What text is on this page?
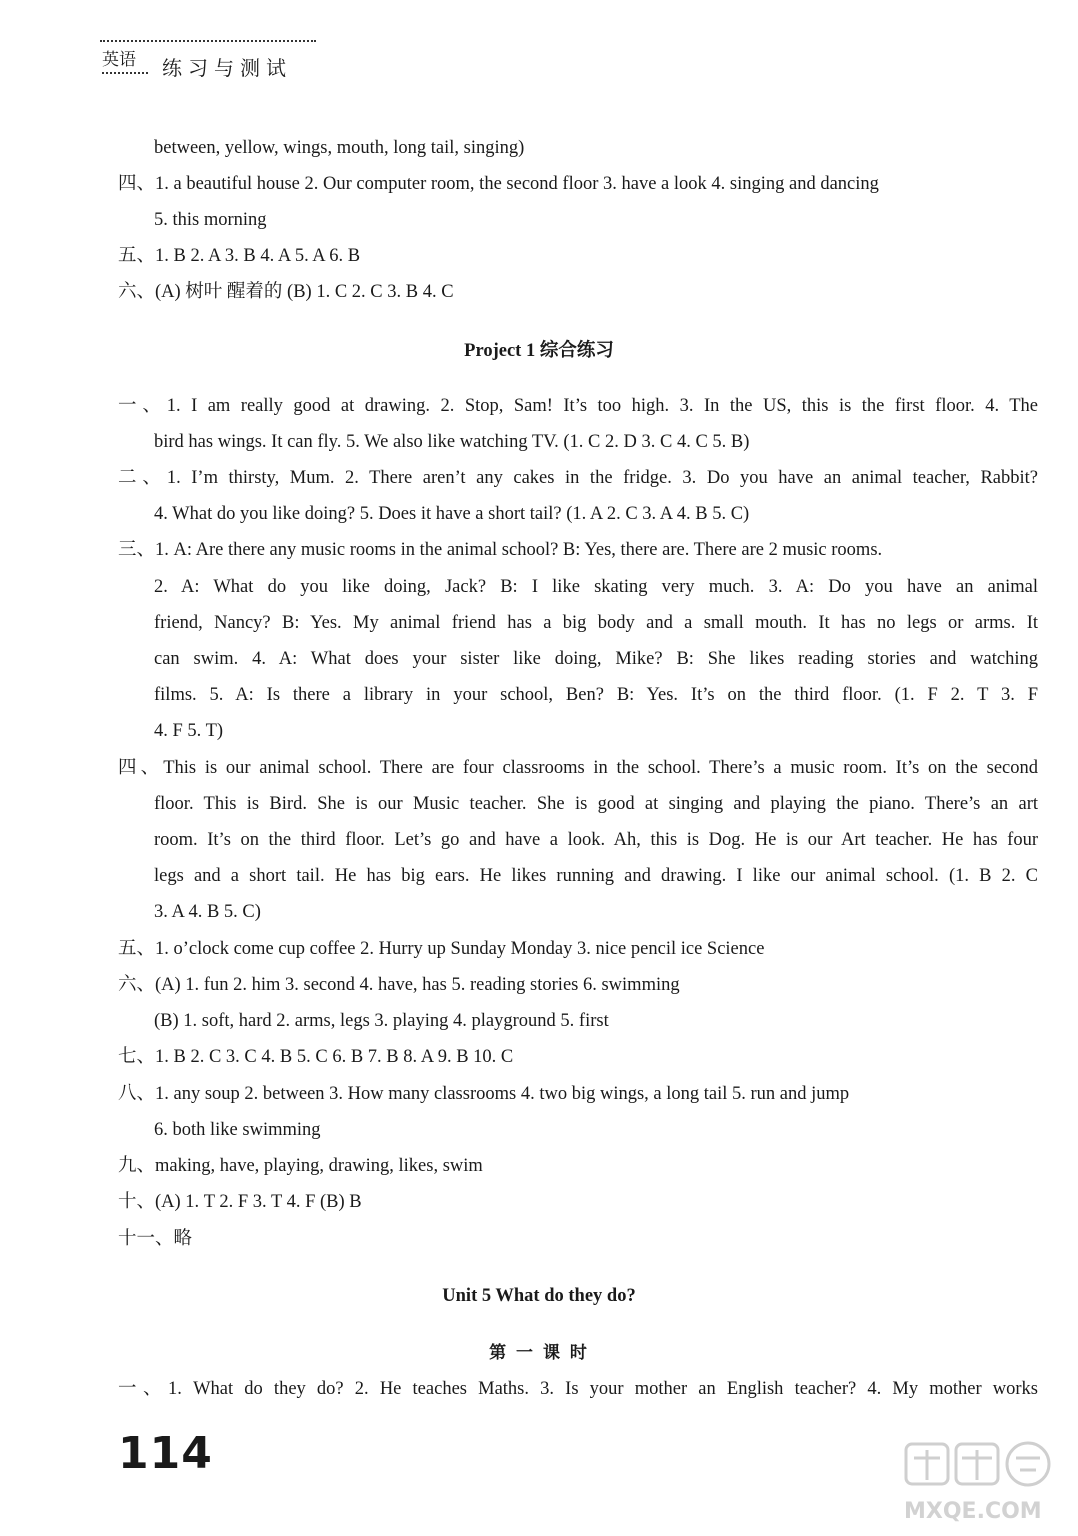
英语	练习与测试
between, yellow, wings, mouth, long tail, singing)
四、1. a beautiful house 2. Our computer room, the second floor 3. have a look 4. singing and dancing
5. this morning
五、1. B 2. A 3. B 4. A 5. A 6. B
六、(A) 树叶 醒着的 (B) 1. C 2. C 3. B 4. C
Project 1 综合练习
一、1. I am really good at drawing. 2. Stop, Sam! It’s too high. 3. In the US, this is the first floor. 4. The
bird has wings. It can fly. 5. We also like watching TV. (1. C 2. D 3. C 4. C 5. B)
二、1. I’m thirsty, Mum. 2. There aren’t any cakes in the fridge. 3. Do you have an animal teacher, Rabbit?
4. What do you like doing? 5. Does it have a short tail? (1. A 2. C 3. A 4. B 5. C)
三、1. A: Are there any music rooms in the animal school? B: Yes, there are. There are 2 music rooms.
2. A: What do you like doing, Jack? B: I like skating very much. 3. A: Do you have an animal
friend, Nancy? B: Yes. My animal friend has a big body and a small mouth. It has no legs or arms. It
can swim. 4. A: What does your sister like doing, Mike? B: She likes reading stories and watching
films. 5. A: Is there a library in your school, Ben? B: Yes. It’s on the third floor. (1. F 2. T 3. F
4. F 5. T)
四、This is our animal school. There are four classrooms in the school. There’s a music room. It’s on the second
floor. This is Bird. She is our Music teacher. She is good at singing and playing the piano. There’s an art
room. It’s on the third floor. Let’s go and have a look. Ah, this is Dog. He is our Art teacher. He has four
legs and a short tail. He has big ears. He likes running and drawing. I like our animal school. (1. B 2. C
3. A 4. B 5. C)
五、1. o’clock come cup coffee 2. Hurry up Sunday Monday 3. nice pencil ice Science
六、(A) 1. fun 2. him 3. second 4. have, has 5. reading stories 6. swimming
(B) 1. soft, hard 2. arms, legs 3. playing 4. playground 5. first
七、1. B 2. C 3. C 4. B 5. C 6. B 7. B 8. A 9. B 10. C
八、1. any soup 2. between 3. How many classrooms 4. two big wings, a long tail 5. run and jump
6. both like swimming
九、making, have, playing, drawing, likes, swim
十、(A) 1. T 2. F 3. T 4. F (B) B
十一、略
Unit 5 What do they do?
第 一 课 时
一、1. What do they do? 2. He teaches Maths. 3. Is your mother an English teacher? 4. My mother works
114
MXQE.COM
